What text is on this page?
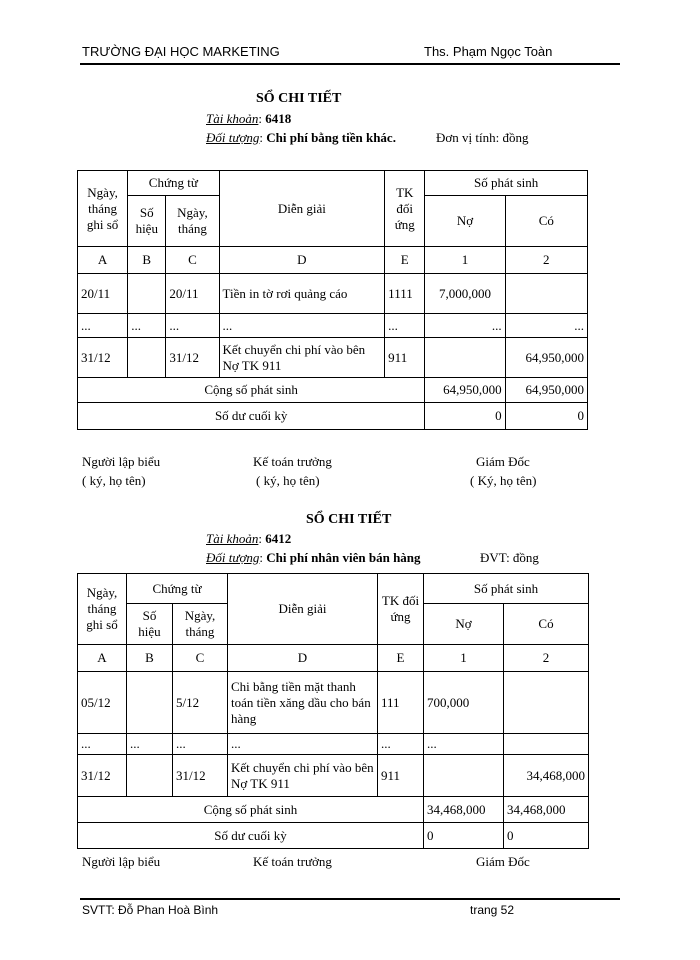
TRƯỜNG ĐẠI HỌC MARKETING	Ths. Phạm Ngọc Toàn
SỔ CHI TIẾT
Tài khoản: 6418
Đối tượng: Chi phí bằng tiền khác.	Đơn vị tính: đồng
Ngày, tháng ghi sổ	Chứng từ		Diễn giải	TK đối ứng	Số phát sinh	
	Số hiệu	Ngày, tháng			Nợ	Có
A	B	C	D	E	1	2
20/11		20/11	Tiền in tờ rơi quảng cáo	1111	7,000,000	
...	...	...	...	...	...	...
31/12		31/12	Kết chuyển chi phí vào bên Nợ TK 911	911		64,950,000
Cộng số phát sinh					64,950,000	64,950,000
Số dư cuối kỳ					0	0
Người lập biểu
( ký, họ tên)
Kế toán trưởng
( ký, họ tên)
Giám Đốc
( Ký, họ tên)
SỔ CHI TIẾT
Tài khoản: 6412
Đối tượng: Chi phí nhân viên bán hàng	ĐVT: đồng
Ngày, tháng ghi sổ	Chứng từ		Diễn giải	TK đối ứng	Số phát sinh	
	Số hiệu	Ngày, tháng			Nợ	Có
A	B	C	D	E	1	2
05/12		5/12	Chi bằng tiền mặt thanh toán tiền xăng dầu cho bán hàng	111	700,000	
...	...	...	...	...	...	
31/12		31/12	Kết chuyển chi phí vào bên Nợ TK 911	911		34,468,000
Cộng số phát sinh					34,468,000	34,468,000
Số dư cuối kỳ					0	0
Người lập biểu	Kế toán trưởng	Giám Đốc
SVTT: Đỗ Phan Hoà Bình	trang 52
